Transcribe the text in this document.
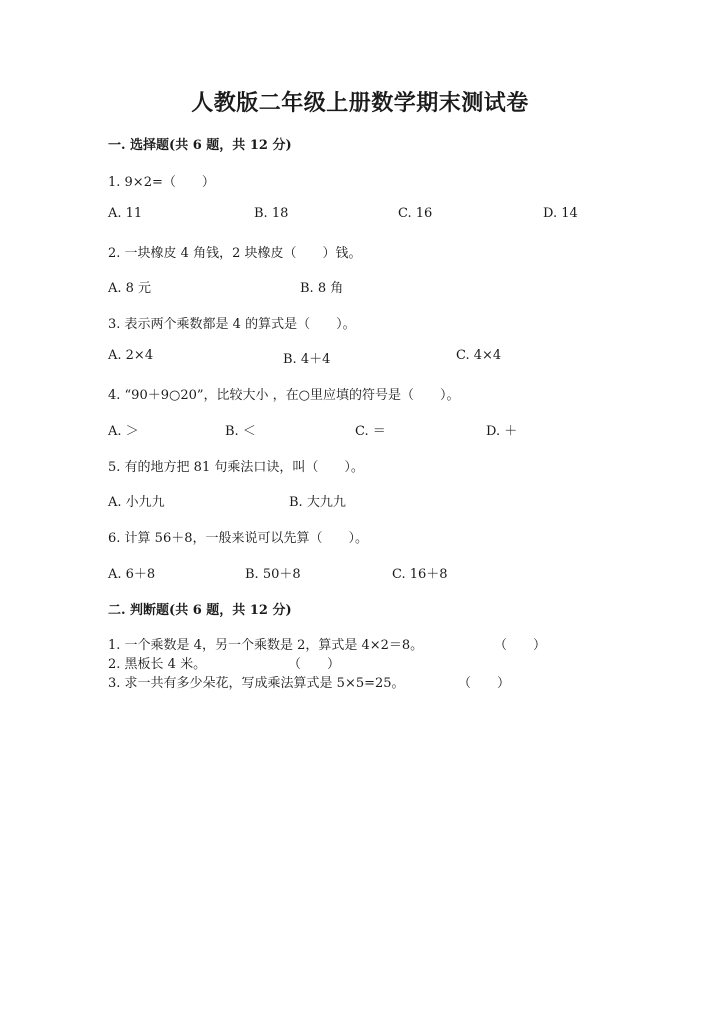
人教版二年级上册数学期末测试卷
一. 选择题(共 6 题，共 12 分)
1. 9×2=（　　）
A. 11	B. 18	C. 16	D. 14
2. 一块橡皮 4 角钱，2 块橡皮（　　）钱。
A. 8 元	B. 8 角
3. 表示两个乘数都是 4 的算式是（　　）。
A. 2×4	B. 4＋4	C. 4×4
4. “90＋9○20”，比较大小 ，在○里应填的符号是（　　）。
A. ＞	B. ＜	C. ＝	D. ＋
5. 有的地方把 81 句乘法口诀，叫（　　）。
A. 小九九	B. 大九九
6. 计算 56＋8，一般来说可以先算（　　）。
A. 6＋8	B. 50＋8	C. 16＋8
二. 判断题(共 6 题，共 12 分)
1. 一个乘数是 4，另一个乘数是 2，算式是 4×2＝8。	（　　）
2. 黑板长 4 米。	（　　）
3. 求一共有多少朵花，写成乘法算式是 5×5=25。	（　　）
